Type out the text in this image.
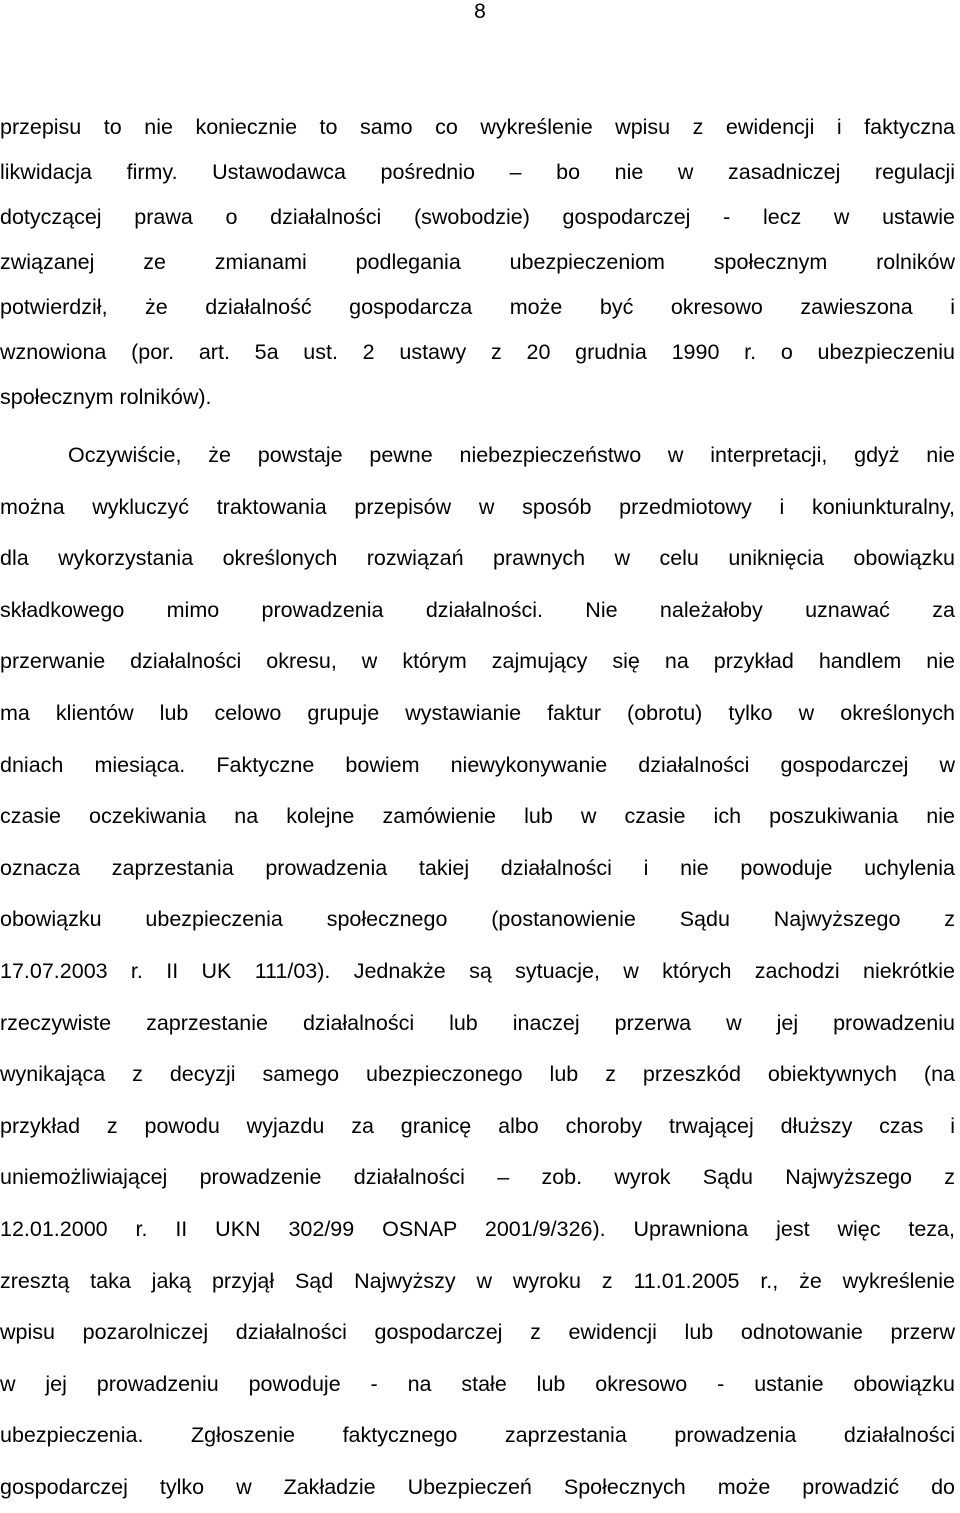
8
przepisu to nie koniecznie to samo co wykreślenie wpisu z ewidencji i faktyczna
likwidacja firmy. Ustawodawca pośrednio – bo nie w zasadniczej regulacji
dotyczącej prawa o działalności (swobodzie) gospodarczej - lecz w ustawie
związanej ze zmianami podlegania ubezpieczeniom społecznym rolników
potwierdził, że działalność gospodarcza może być okresowo zawieszona i
wznowiona (por. art. 5a ust. 2 ustawy z 20 grudnia 1990 r. o ubezpieczeniu
społecznym rolników).
Oczywiście, że powstaje pewne niebezpieczeństwo w interpretacji, gdyż nie
można wykluczyć traktowania przepisów w sposób przedmiotowy i koniunkturalny,
dla wykorzystania określonych rozwiązań prawnych w celu uniknięcia obowiązku
składkowego mimo prowadzenia działalności. Nie należałoby uznawać za
przerwanie działalności okresu, w którym zajmujący się na przykład handlem nie
ma klientów lub celowo grupuje wystawianie faktur (obrotu) tylko w określonych
dniach miesiąca. Faktyczne bowiem niewykonywanie działalności gospodarczej w
czasie oczekiwania na kolejne zamówienie lub w czasie ich poszukiwania nie
oznacza zaprzestania prowadzenia takiej działalności i nie powoduje uchylenia
obowiązku ubezpieczenia społecznego (postanowienie Sądu Najwyższego z
17.07.2003 r. II UK 111/03). Jednakże są sytuacje, w których zachodzi niekrótkie
rzeczywiste zaprzestanie działalności lub inaczej przerwa w jej prowadzeniu
wynikająca z decyzji samego ubezpieczonego lub z przeszkód obiektywnych (na
przykład z powodu wyjazdu za granicę albo choroby trwającej dłuższy czas i
uniemożliwiającej prowadzenie działalności – zob. wyrok Sądu Najwyższego z
12.01.2000 r. II UKN 302/99 OSNAP 2001/9/326). Uprawniona jest więc teza,
zresztą taka jaką przyjął Sąd Najwyższy w wyroku z 11.01.2005 r., że wykreślenie
wpisu pozarolniczej działalności gospodarczej z ewidencji lub odnotowanie przerw
w jej prowadzeniu powoduje - na stałe lub okresowo - ustanie obowiązku
ubezpieczenia. Zgłoszenie faktycznego zaprzestania prowadzenia działalności
gospodarczej tylko w Zakładzie Ubezpieczeń Społecznych może prowadzić do
